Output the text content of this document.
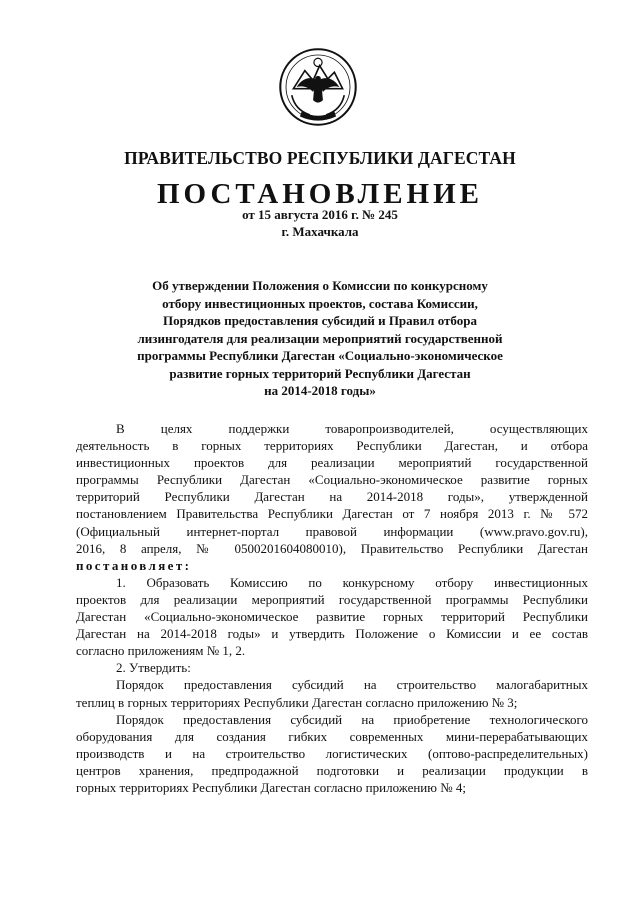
ПРАВИТЕЛЬСТВО РЕСПУБЛИКИ ДАГЕСТАН
ПОСТАНОВЛЕНИЕ
от 15 августа 2016 г. № 245
г. Махачкала
Об утверждении Положения о Комиссии по конкурсному
отбору инвестиционных проектов, состава Комиссии,
Порядков предоставления субсидий и Правил отбора
лизингодателя для реализации мероприятий государственной
программы Республики Дагестан «Социально-экономическое
развитие горных территорий Республики Дагестан
на 2014-2018 годы»
В целях поддержки товаропроизводителей, осуществляющих
деятельность в горных территориях Республики Дагестан, и отбора
инвестиционных проектов для реализации мероприятий государственной
программы Республики Дагестан «Социально-экономическое развитие горных
территорий Республики Дагестан на 2014-2018 годы», утвержденной
постановлением Правительства Республики Дагестан от 7 ноября 2013 г. № 572
(Официальный интернет-портал правовой информации (www.pravo.gov.ru),
2016, 8 апреля, № 0500201604080010), Правительство Республики Дагестан
постановляет:
1. Образовать Комиссию по конкурсному отбору инвестиционных
проектов для реализации мероприятий государственной программы Республики
Дагестан «Социально-экономическое развитие горных территорий Республики
Дагестан на 2014-2018 годы» и утвердить Положение о Комиссии и ее состав
согласно приложениям № 1, 2.
2. Утвердить:
Порядок предоставления субсидий на строительство малогабаритных
теплиц в горных территориях Республики Дагестан согласно приложению № 3;
Порядок предоставления субсидий на приобретение технологического
оборудования для создания гибких современных мини-перерабатывающих
производств и на строительство логистических (оптово-распределительных)
центров хранения, предпродажной подготовки и реализации продукции в
горных территориях Республики Дагестан согласно приложению № 4;
